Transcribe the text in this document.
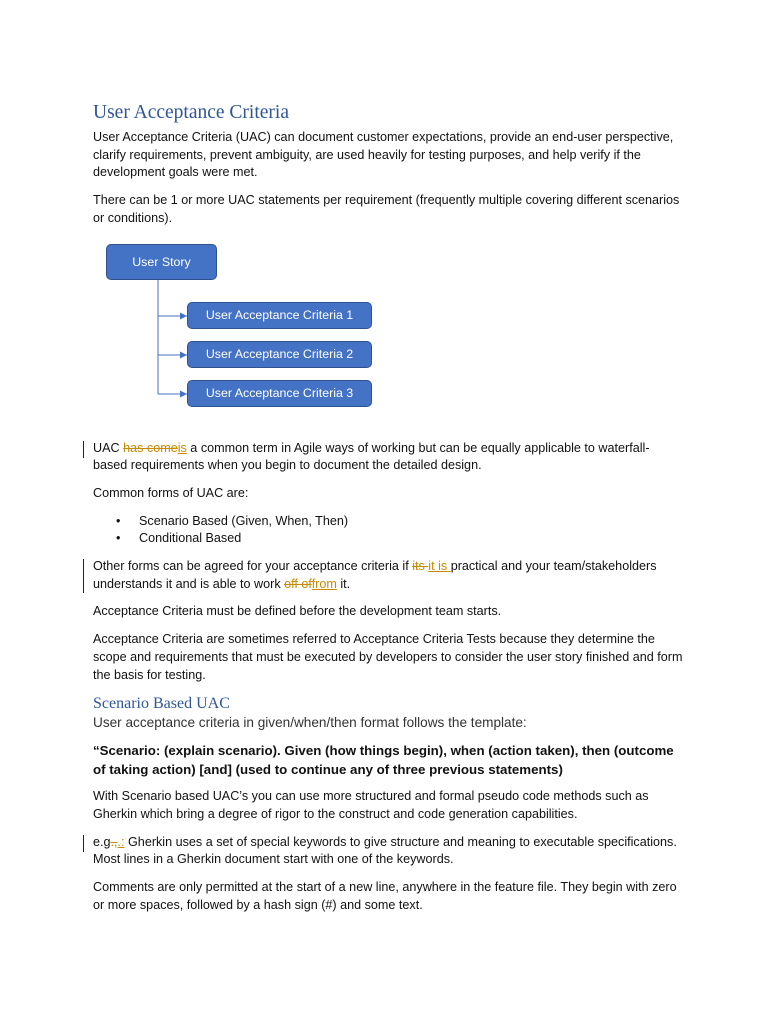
User Acceptance Criteria

User Acceptance Criteria (UAC) can document customer expectations, provide an end-user perspective, clarify requirements, prevent ambiguity, are used heavily for testing purposes, and help verify if the development goals were met.

There can be 1 or more UAC statements per requirement (frequently multiple covering different scenarios or conditions).

User Story
User Acceptance Criteria 1
User Acceptance Criteria 2
User Acceptance Criteria 3

UAC has comeis a common term in Agile ways of working but can be equally applicable to waterfall-based requirements when you begin to document the detailed design.

Common forms of UAC are:

• Scenario Based (Given, When, Then)
• Conditional Based

Other forms can be agreed for your acceptance criteria if its it is practical and your team/stakeholders understands it and is able to work off offrom it.

Acceptance Criteria must be defined before the development team starts.

Acceptance Criteria are sometimes referred to Acceptance Criteria Tests because they determine the scope and requirements that must be executed by developers to consider the user story finished and form the basis for testing.

Scenario Based UAC

User acceptance criteria in given/when/then format follows the template:

“Scenario: (explain scenario). Given (how things begin), when (action taken), then (outcome of taking action) [and] (used to continue any of three previous statements)

With Scenario based UAC’s you can use more structured and formal pseudo code methods such as Gherkin which bring a degree of rigor to the construct and code generation capabilities.

e.g.,.: Gherkin uses a set of special keywords to give structure and meaning to executable specifications. Most lines in a Gherkin document start with one of the keywords.

Comments are only permitted at the start of a new line, anywhere in the feature file. They begin with zero or more spaces, followed by a hash sign (#) and some text.
